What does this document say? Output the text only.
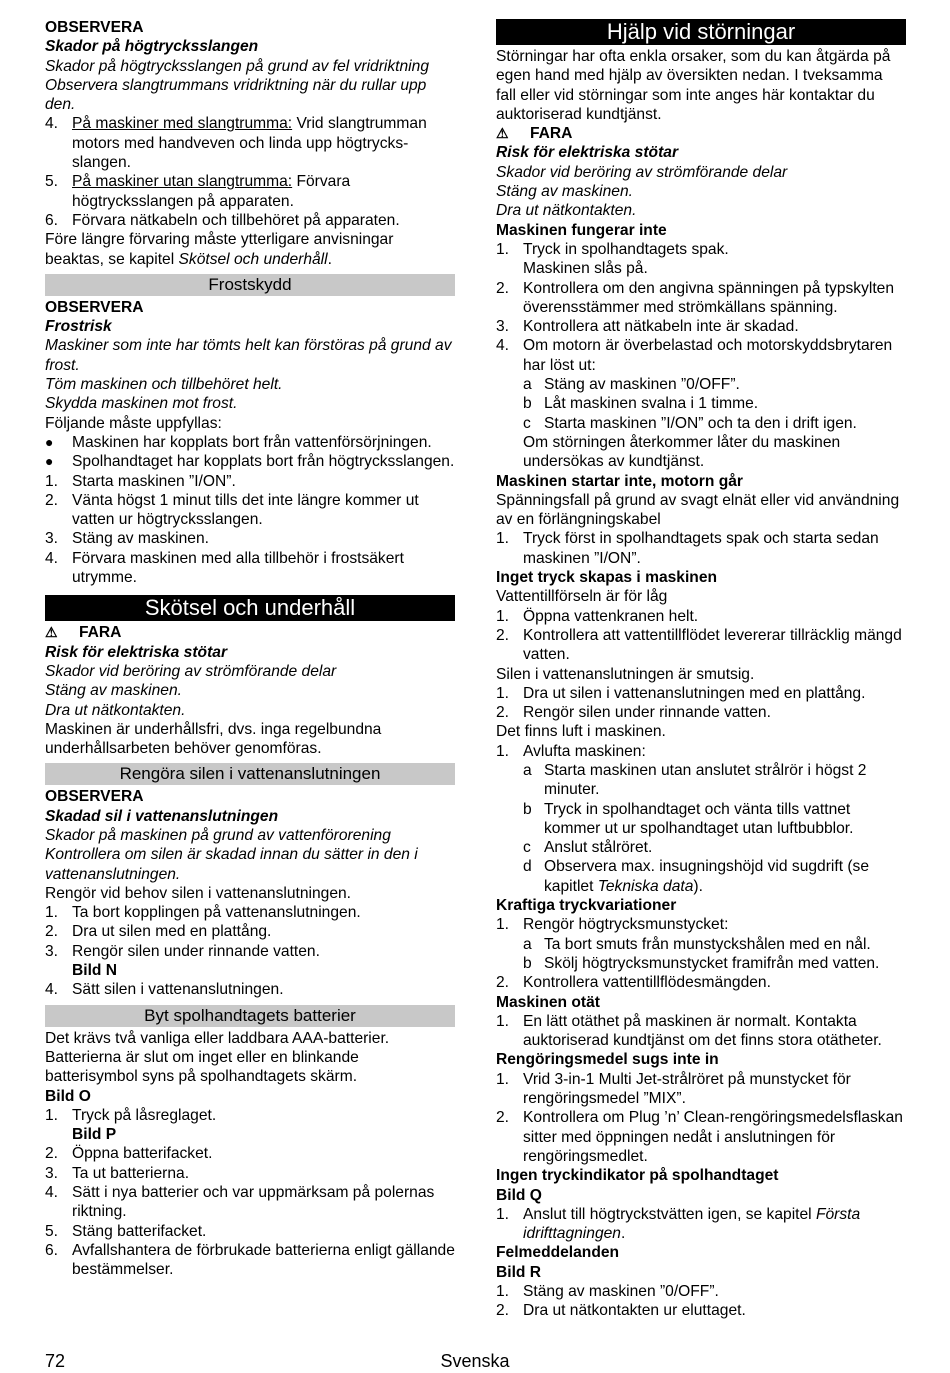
OBSERVERA

Skador på högtrycksslangen

Skador på högtrycksslangen på grund av fel vridriktning

Observera slangtrummans vridriktning när du rullar upp den.

4. På maskiner med slangtrumma: Vrid slangtrumman motors med handveven och linda upp högtrycksslangen.
5. På maskiner utan slangtrumma: Förvara högtrycksslangen på apparaten.
6. Förvara nätkabeln och tillbehöret på apparaten.

Före längre förvaring måste ytterligare anvisningar beaktas, se kapitel Skötsel och underhåll.

Frostskydd

OBSERVERA

Frostrisk

Maskiner som inte har tömts helt kan förstöras på grund av frost.

Töm maskinen och tillbehöret helt.

Skydda maskinen mot frost.

Följande måste uppfyllas:

●	Maskinen har kopplats bort från vattenförsörjningen.
●	Spolhandtaget har kopplats bort från högtrycksslangen.
1. Starta maskinen ”I/ON”.
2. Vänta högst 1 minut tills det inte längre kommer ut vatten ur högtrycksslangen.
3. Stäng av maskinen.
4. Förvara maskinen med alla tillbehör i frostsäkert utrymme.
Skötsel och underhåll
⚠	FARA

Risk för elektriska stötar

Skador vid beröring av strömförande delar

Stäng av maskinen.

Dra ut nätkontakten.

Maskinen är underhållsfri, dvs. inga regelbundna underhållsarbeten behöver genomföras.

Rengöra silen i vattenanslutningen

OBSERVERA

Skadad sil i vattenanslutningen

Skador på maskinen på grund av vattenförorening

Kontrollera om silen är skadad innan du sätter in den i vattenanslutningen.

Rengör vid behov silen i vattenanslutningen.

1. Ta bort kopplingen på vattenanslutningen.
2. Dra ut silen med en plattång.
3. Rengör silen under rinnande vatten.

Bild N

4. Sätt silen i vattenanslutningen.
Byt spolhandtagets batterier

Det krävs två vanliga eller laddbara AAA-batterier.

Batterierna är slut om inget eller en blinkande batterisymbol syns på spolhandtagets skärm.

Bild O

1. Tryck på låsreglaget.

Bild P

2. Öppna batterifacket.
3. Ta ut batterierna.
4. Sätt i nya batterier och var uppmärksam på polernas riktning.
5. Stäng batterifacket.
6. Avfallshantera de förbrukade batterierna enligt gällande bestämmelser.
Hjälp vid störningar

Störningar har ofta enkla orsaker, som du kan åtgärda på egen hand med hjälp av översikten nedan. I tveksamma fall eller vid störningar som inte anges här kontaktar du auktoriserad kundtjänst.

⚠	FARA

Risk för elektriska stötar

Skador vid beröring av strömförande delar

Stäng av maskinen.

Dra ut nätkontakten.

Maskinen fungerar inte

1. Tryck in spolhandtagets spak.

Maskinen slås på.

2. Kontrollera om den angivna spänningen på typskylten överensstämmer med strömkällans spänning.
3. Kontrollera att nätkabeln inte är skadad.
4. Om motorn är överbelastad och motorskyddsbrytaren har löst ut:
a Stäng av maskinen ”0/OFF”.
b Låt maskinen svalna i 1 timme.
c Starta maskinen ”I/ON” och ta den i drift igen.

Om störningen återkommer låter du maskinen undersökas av kundtjänst.

Maskinen startar inte, motorn går

Spänningsfall på grund av svagt elnät eller vid användning av en förlängningskabel

1. Tryck först in spolhandtagets spak och starta sedan maskinen ”I/ON”.

Inget tryck skapas i maskinen

Vattentillförseln är för låg

1. Öppna vattenkranen helt.
2. Kontrollera att vattentillflödet levererar tillräcklig mängd vatten.

Silen i vattenanslutningen är smutsig.

1. Dra ut silen i vattenanslutningen med en plattång.
2. Rengör silen under rinnande vatten.

Det finns luft i maskinen.

1. Avlufta maskinen:
a Starta maskinen utan anslutet strålrör i högst 2 minuter.
b Tryck in spolhandtaget och vänta tills vattnet kommer ut ur spolhandtaget utan luftbubblor.
c Anslut stålröret.
d Observera max. insugningshöjd vid sugdrift (se kapitlet Tekniska data).

Kraftiga tryckvariationer

1. Rengör högtrycksmunstycket:
a Ta bort smuts från munstyckshålen med en nål.
b Skölj högtrycksmunstycket framifrån med vatten.
2. Kontrollera vattentillflödesmängden.

Maskinen otät

1. En lätt otäthet på maskinen är normalt. Kontakta auktoriserad kundtjänst om det finns stora otätheter.

Rengöringsmedel sugs inte in

1. Vrid 3-in-1 Multi Jet-strålröret på munstycket för rengöringsmedel ”MIX”.
2. Kontrollera om Plug ’n’ Clean-rengöringsmedelsflaskan sitter med öppningen nedåt i anslutningen för rengöringsmedlet.

Ingen tryckindikator på spolhandtaget

Bild Q

1. Anslut till högtryckstvätten igen, se kapitel Första idrifttagningen.

Felmeddelanden

Bild R

1. Stäng av maskinen ”0/OFF”.
2. Dra ut nätkontakten ur eluttaget.
Svenska
72
